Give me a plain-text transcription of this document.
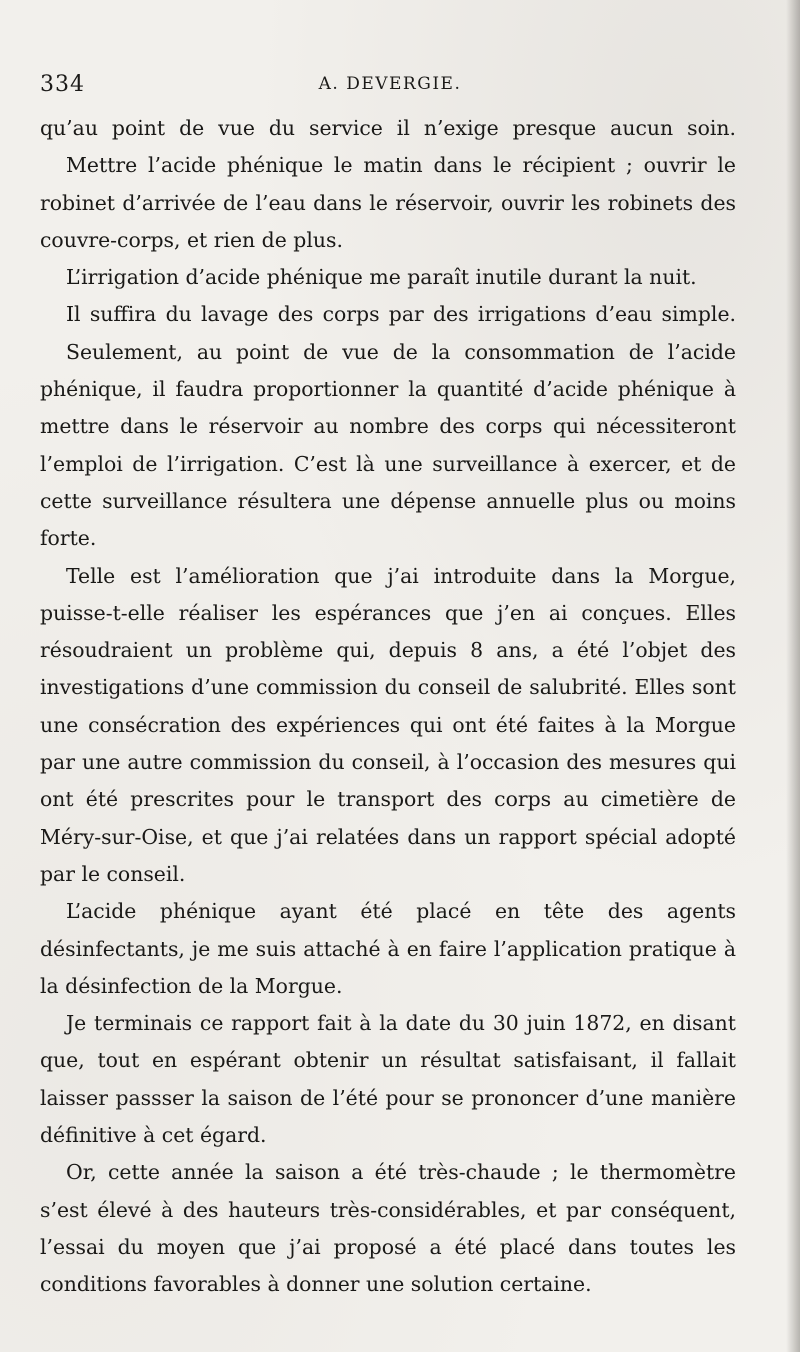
334	A. DEVERGIE.

qu’au point de vue du service il n’exige presque aucun soin.

Mettre l’acide phénique le matin dans le récipient ; ouvrir le robinet d’arrivée de l’eau dans le réservoir, ouvrir les robinets des couvre-corps, et rien de plus.

L’irrigation d’acide phénique me paraît inutile durant la nuit.

Il suffira du lavage des corps par des irrigations d’eau simple.

Seulement, au point de vue de la consommation de l’acide phénique, il faudra proportionner la quantité d’acide phénique à mettre dans le réservoir au nombre des corps qui nécessiteront l’emploi de l’irrigation. C’est là une surveillance à exercer, et de cette surveillance résultera une dépense annuelle plus ou moins forte.

Telle est l’amélioration que j’ai introduite dans la Morgue, puisse-t-elle réaliser les espérances que j’en ai conçues. Elles résoudraient un problème qui, depuis 8 ans, a été l’objet des investigations d’une commission du conseil de salubrité. Elles sont une consécration des expériences qui ont été faites à la Morgue par une autre commission du conseil, à l’occasion des mesures qui ont été prescrites pour le transport des corps au cimetière de Méry-sur-Oise, et que j’ai relatées dans un rapport spécial adopté par le conseil.

L’acide phénique ayant été placé en tête des agents désinfectants, je me suis attaché à en faire l’application pratique à la désinfection de la Morgue.

Je terminais ce rapport fait à la date du 30 juin 1872, en disant que, tout en espérant obtenir un résultat satisfaisant, il fallait laisser passser la saison de l’été pour se prononcer d’une manière définitive à cet égard.

Or, cette année la saison a été très-chaude ; le thermomètre s’est élevé à des hauteurs très-considérables, et par conséquent, l’essai du moyen que j’ai proposé a été placé dans toutes les conditions favorables à donner une solution certaine.
